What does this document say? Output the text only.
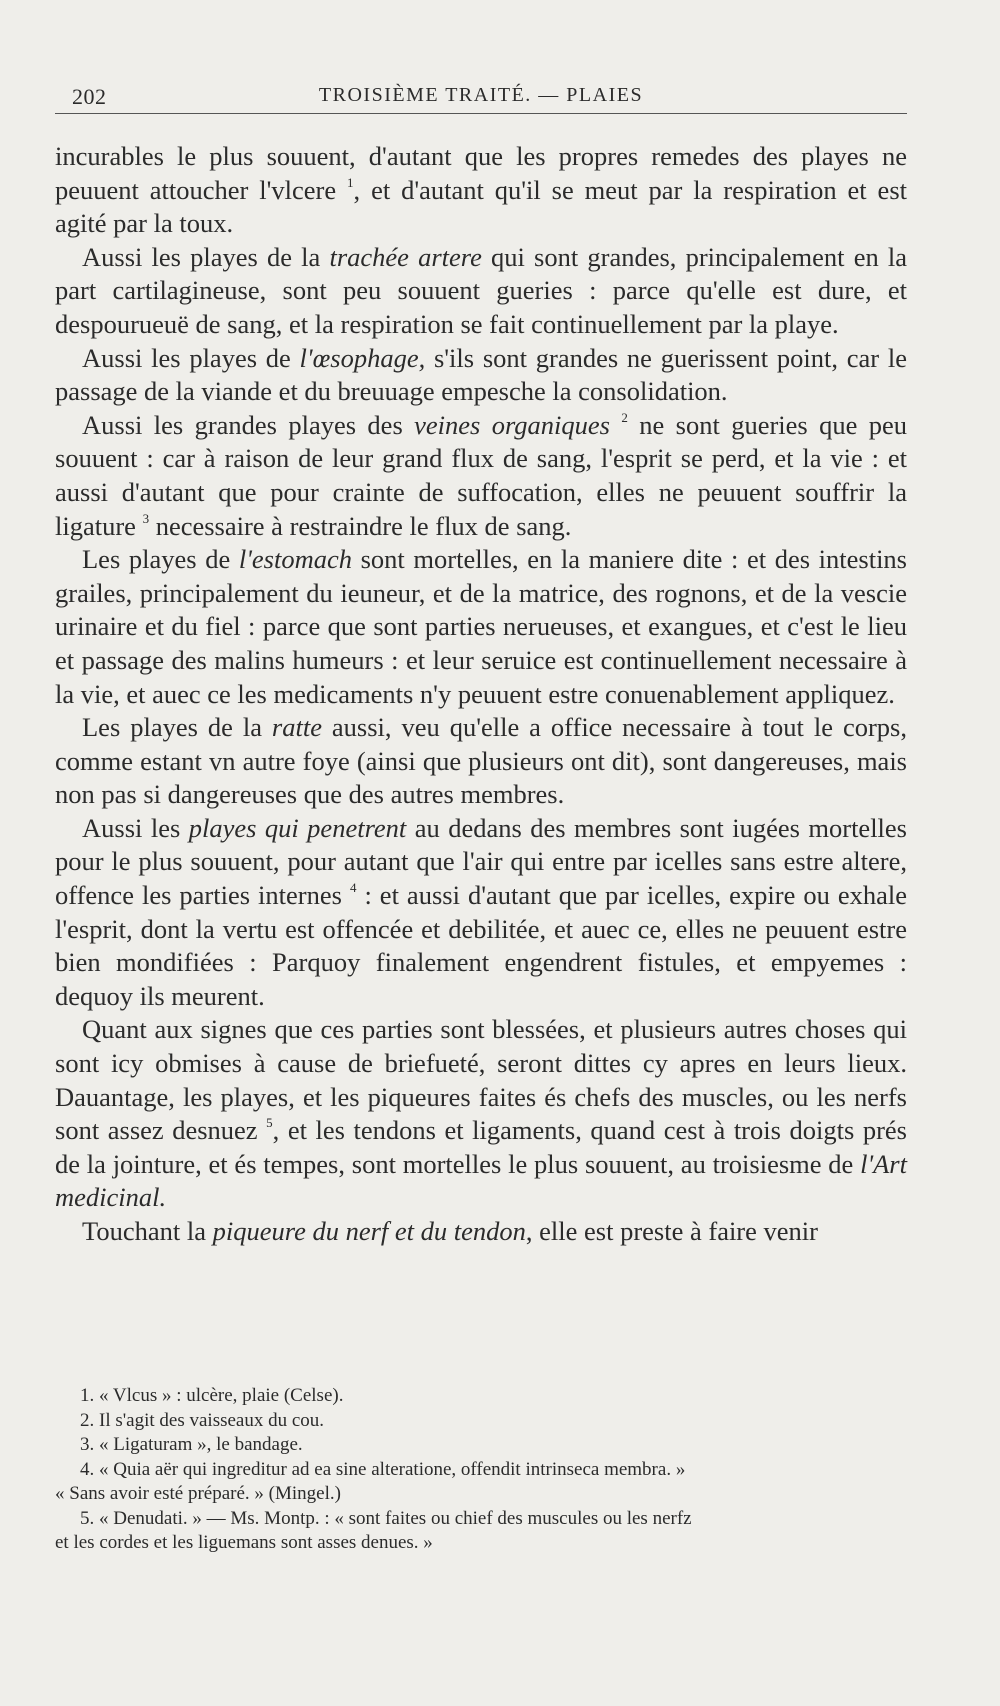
202	TROISIÈME TRAITÉ. — PLAIES

incurables le plus souuent, d'autant que les propres remedes des playes ne peuuent attoucher l'vlcere $^1$, et d'autant qu'il se meut par la respiration et est agité par la toux.

Aussi les playes de la trachée artere qui sont grandes, principalement en la part cartilagineuse, sont peu souuent gueries : parce qu'elle est dure, et despourueuë de sang, et la respiration se fait continuellement par la playe.

Aussi les playes de l'œsophage, s'ils sont grandes ne guerissent point, car le passage de la viande et du breuuage empesche la consolidation.

Aussi les grandes playes des veines organiques $^2$ ne sont gueries que peu souuent : car à raison de leur grand flux de sang, l'esprit se perd, et la vie : et aussi d'autant que pour crainte de suffocation, elles ne peuuent souffrir la ligature $^3$ necessaire à restraindre le flux de sang.

Les playes de l'estomach sont mortelles, en la maniere dite : et des intestins grailes, principalement du ieuneur, et de la matrice, des rognons, et de la vescie urinaire et du fiel : parce que sont parties nerueuses, et exangues, et c'est le lieu et passage des malins humeurs : et leur seruice est continuellement necessaire à la vie, et auec ce les medicaments n'y peuuent estre conuenablement appliquez.

Les playes de la ratte aussi, veu qu'elle a office necessaire à tout le corps, comme estant vn autre foye (ainsi que plusieurs ont dit), sont dangereuses, mais non pas si dangereuses que des autres membres.

Aussi les playes qui penetrent au dedans des membres sont iugées mortelles pour le plus souuent, pour autant que l'air qui entre par icelles sans estre altere, offence les parties internes $^4$ : et aussi d'autant que par icelles, expire ou exhale l'esprit, dont la vertu est offencée et debilitée, et auec ce, elles ne peuuent estre bien mondifiées : Parquoy finalement engendrent fistules, et empyemes : dequoy ils meurent.

Quant aux signes que ces parties sont blessées, et plusieurs autres choses qui sont icy obmises à cause de briefueté, seront dittes cy apres en leurs lieux. Dauantage, les playes, et les piqueures faites és chefs des muscles, ou les nerfs sont assez desnuez $^5$, et les tendons et ligaments, quand cest à trois doigts prés de la jointure, et és tempes, sont mortelles le plus souuent, au troisiesme de l'Art medicinal.

Touchant la piqueure du nerf et du tendon, elle est preste à faire venir

1. « Vlcus » : ulcère, plaie (Celse).
2. Il s'agit des vaisseaux du cou.
3. « Ligaturam », le bandage.
4. « Quia aër qui ingreditur ad ea sine alteratione, offendit intrinseca membra. »
« Sans avoir esté préparé. » (Mingel.)
5. « Denudati. » — Ms. Montp. : « sont faites ou chief des muscules ou les nerfz
et les cordes et les liguemans sont asses denues. »
